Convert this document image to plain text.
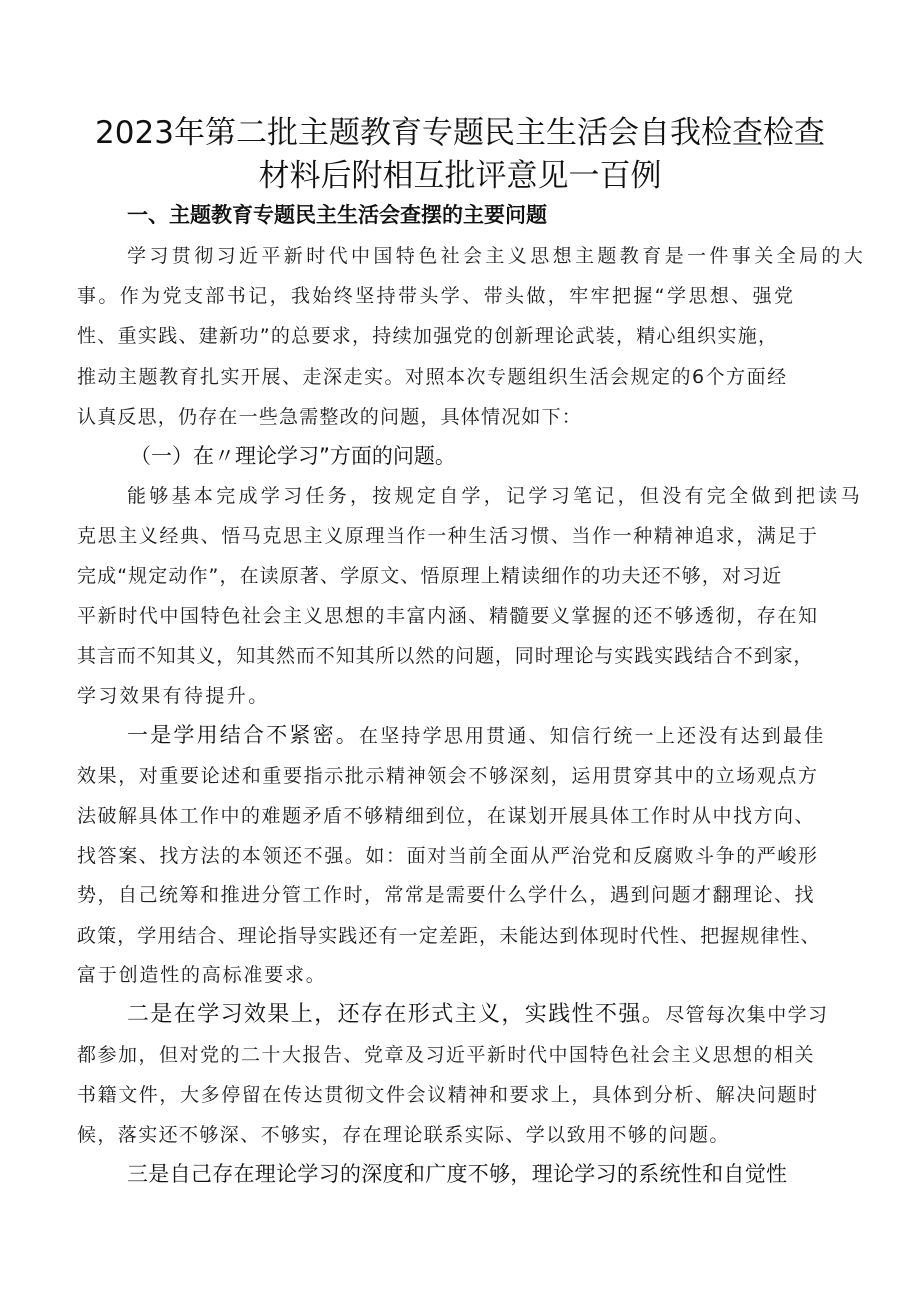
2023年第二批主题教育专题民主生活会自我检查检查
材料后附相互批评意见一百例
一、主题教育专题民主生活会查摆的主要问题
学习贯彻习近平新时代中国特色社会主义思想主题教育是一件事关全局的大
事。作为党支部书记，我始终坚持带头学、带头做，牢牢把握“学思想、强党
性、重实践、建新功”的总要求，持续加强党的创新理论武装，精心组织实施，
推动主题教育扎实开展、走深走实。对照本次专题组织生活会规定的6个方面经
认真反思，仍存在一些急需整改的问题，具体情况如下：
（一）在〃理论学习”方面的问题。
能够基本完成学习任务，按规定自学，记学习笔记，但没有完全做到把读马
克思主义经典、悟马克思主义原理当作一种生活习惯、当作一种精神追求，满足于
完成“规定动作”，在读原著、学原文、悟原理上精读细作的功夫还不够，对习近
平新时代中国特色社会主义思想的丰富内涵、精髓要义掌握的还不够透彻，存在知
其言而不知其义，知其然而不知其所以然的问题，同时理论与实践实践结合不到家，
学习效果有待提升。
一是学用结合不紧密。在坚持学思用贯通、知信行统一上还没有达到最佳
效果，对重要论述和重要指示批示精神领会不够深刻，运用贯穿其中的立场观点方
法破解具体工作中的难题矛盾不够精细到位，在谋划开展具体工作时从中找方向、
找答案、找方法的本领还不强。如：面对当前全面从严治党和反腐败斗争的严峻形
势，自己统筹和推进分管工作时，常常是需要什么学什么，遇到问题才翻理论、找
政策，学用结合、理论指导实践还有一定差距，未能达到体现时代性、把握规律性、
富于创造性的高标准要求。
二是在学习效果上，还存在形式主义，实践性不强。尽管每次集中学习
都参加，但对党的二十大报告、党章及习近平新时代中国特色社会主义思想的相关
书籍文件，大多停留在传达贯彻文件会议精神和要求上，具体到分析、解决问题时
候，落实还不够深、不够实，存在理论联系实际、学以致用不够的问题。
三是自己存在理论学习的深度和广度不够，理论学习的系统性和自觉性
